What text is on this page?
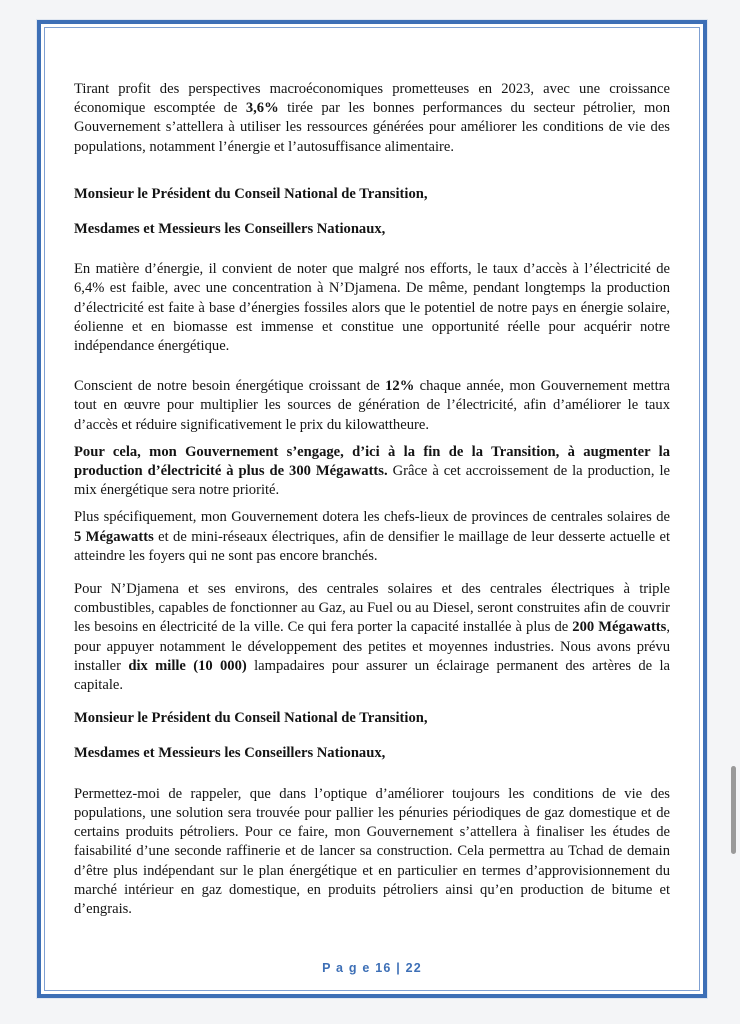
Tirant profit des perspectives macroéconomiques prometteuses en 2023, avec une croissance économique escomptée de 3,6% tirée par les bonnes performances du secteur pétrolier, mon Gouvernement s’attellera à utiliser les ressources générées pour améliorer les conditions de vie des populations, notamment l’énergie et l’autosuffisance alimentaire.

Monsieur le Président du Conseil National de Transition,

Mesdames et Messieurs les Conseillers Nationaux,

En matière d’énergie, il convient de noter que malgré nos efforts, le taux d’accès à l’électricité de 6,4% est faible, avec une concentration à N’Djamena. De même, pendant longtemps la production d’électricité est faite à base d’énergies fossiles alors que le potentiel de notre pays en énergie solaire, éolienne et en biomasse est immense et constitue une opportunité réelle pour acquérir notre indépendance énergétique.

Conscient de notre besoin énergétique croissant de 12% chaque année, mon Gouvernement mettra tout en œuvre pour multiplier les sources de génération de l’électricité, afin d’améliorer le taux d’accès et réduire significativement le prix du kilowattheure.

Pour cela, mon Gouvernement s’engage, d’ici à la fin de la Transition, à augmenter la production d’électricité à plus de 300 Mégawatts. Grâce à cet accroissement de la production, le mix énergétique sera notre priorité.

Plus spécifiquement, mon Gouvernement dotera les chefs-lieux de provinces de centrales solaires de 5 Mégawatts et de mini-réseaux électriques, afin de densifier le maillage de leur desserte actuelle et atteindre les foyers qui ne sont pas encore branchés.

Pour N’Djamena et ses environs, des centrales solaires et des centrales électriques à triple combustibles, capables de fonctionner au Gaz, au Fuel ou au Diesel, seront construites afin de couvrir les besoins en électricité de la ville. Ce qui fera porter la capacité installée à plus de 200 Mégawatts, pour appuyer notamment le développement des petites et moyennes industries. Nous avons prévu installer dix mille (10 000) lampadaires pour assurer un éclairage permanent des artères de la capitale.

Monsieur le Président du Conseil National de Transition,

Mesdames et Messieurs les Conseillers Nationaux,

Permettez-moi de rappeler, que dans l’optique d’améliorer toujours les conditions de vie des populations, une solution sera trouvée pour pallier les pénuries périodiques de gaz domestique et de certains produits pétroliers. Pour ce faire, mon Gouvernement s’attellera à finaliser les études de faisabilité d’une seconde raffinerie et de lancer sa construction. Cela permettra au Tchad de demain d’être plus indépendant sur le plan énergétique et en particulier en termes d’approvisionnement du marché intérieur en gaz domestique, en produits pétroliers ainsi qu’en production de bitume et d’engrais.

P a g e 16 | 22
